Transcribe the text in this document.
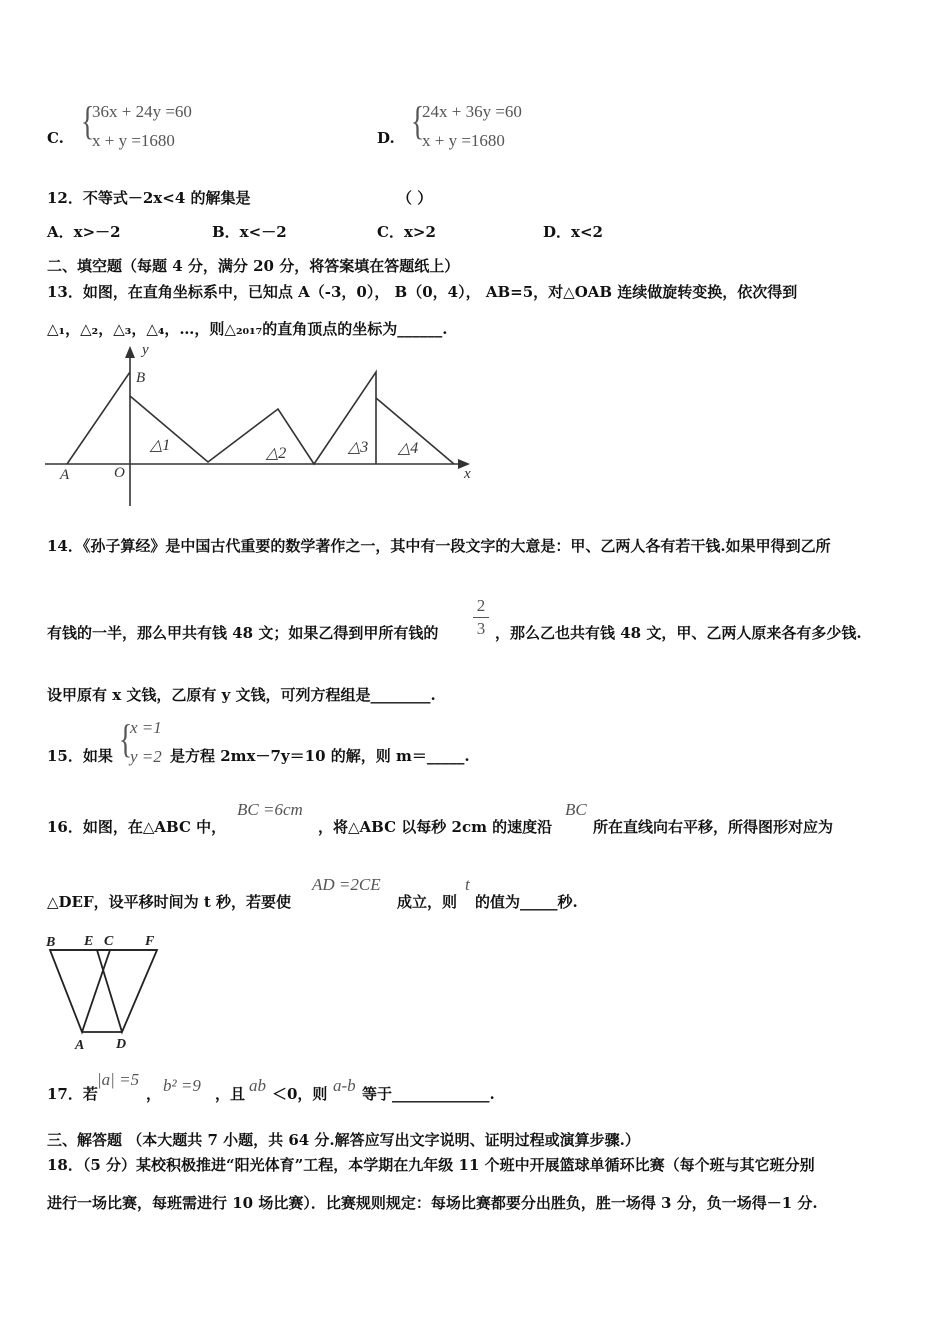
C. {
36x + 24y =60
x + y =1680	D. {
24x + 36y =60
x + y =1680
12．不等式－2x<4 的解集是	（ ）
A．x>－2	B．x<－2	C．x>2	D．x<2
二、填空题（每题 4 分，满分 20 分，将答案填在答题纸上）
13．如图，在直角坐标系中，已知点 A（-3，0）， B（0，4）， AB=5，对△OAB 连续做旋转变换，依次得到
△₁，△₂，△₃，△₄，…，则△₂₀₁₇的直角顶点的坐标为______.
y
x
A	O
B
△1	△2	△3 △4
14．《孙子算经》是中国古代重要的数学著作之一，其中有一段文字的大意是：甲、乙两人各有若干钱.如果甲得到乙所
有钱的一半，那么甲共有钱 48 文；如果乙得到甲所有钱的
2
3 ，那么乙也共有钱 48 文，甲、乙两人原来各有多少钱.
设甲原有 x 文钱，乙原有 y 文钱，可列方程组是________.
15．如果 {
x =1
y =2 是方程 2mx－7y＝10 的解，则 m＝_____.
16．如图，在△ABC 中，
BC =6cm
，将△ABC 以每秒 2cm 的速度沿
BC
所在直线向右平移，所得图形对应为
△DEF，设平移时间为 t 秒，若要使
AD =2CE
成立，则
t
的值为_____秒.
B E C F
A D
17．若
|a| =5
， b² =9 ，且 ab ＜0，则 a-b 等于_____________.
三、解答题 （本大题共 7 小题，共 64 分.解答应写出文字说明、证明过程或演算步骤.）
18．（5 分）某校积极推进“阳光体育”工程，本学期在九年级 11 个班中开展篮球单循环比赛（每个班与其它班分别
进行一场比赛，每班需进行 10 场比赛）．比赛规则规定：每场比赛都要分出胜负，胜一场得 3 分，负一场得－1 分.
